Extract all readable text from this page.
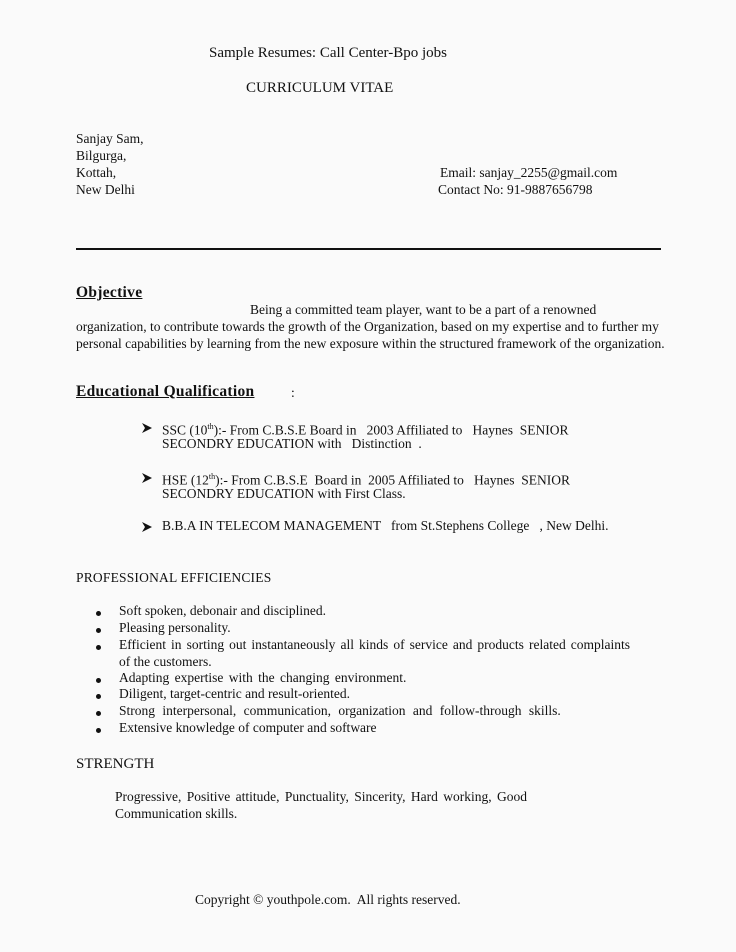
Sample Resumes: Call Center-Bpo jobs
CURRICULUM VITAE
Sanjay Sam,
Bilgurga,
Kottah,
New Delhi
Email: sanjay_2255@gmail.com
Contact No: 91-9887656798
Objective
Being a committed team player, want to be a part of a renowned
organization, to contribute towards the growth of the Organization, based on my expertise and to further my
personal capabilities by learning from the new exposure within the structured framework of the organization.
Educational Qualification	:
SSC (10th):- From C.B.S.E Board in   2003 Affiliated to   Haynes  SENIOR
SECONDRY EDUCATION with   Distinction  .
HSE (12th):- From C.B.S.E  Board in  2005 Affiliated to   Haynes  SENIOR
SECONDRY EDUCATION with First Class.
B.B.A IN TELECOM MANAGEMENT   from St.Stephens College   , New Delhi.
PROFESSIONAL EFFICIENCIES
Soft spoken, debonair and disciplined.
Pleasing personality.
Efficient in sorting out instantaneously all kinds of service and products related complaints
of the customers.
Adapting expertise with the changing environment.
Diligent, target-centric and result-oriented.
Strong interpersonal, communication, organization and follow-through skills.
Extensive knowledge of computer and software
STRENGTH
Progressive, Positive attitude, Punctuality, Sincerity, Hard working, Good
Communication skills.
Copyright © youthpole.com.  All rights reserved.
